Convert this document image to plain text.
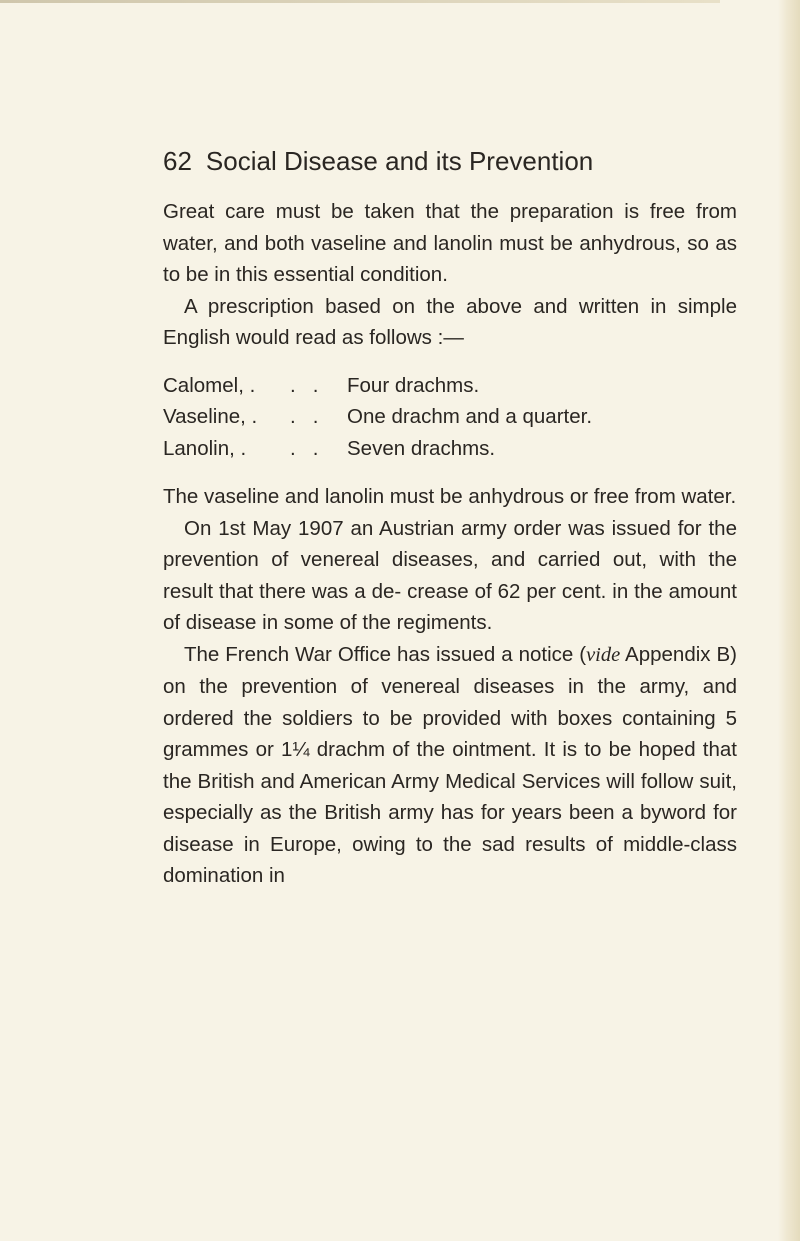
62 Social Disease and its Prevention

Great care must be taken that the preparation is free from water, and both vaseline and lanolin must be anhydrous, so as to be in this essential condition.

A prescription based on the above and written in simple English would read as follows :—

Calomel, .	.   .	Four drachms.
Vaseline, .	.   .	One drachm and a quarter.
Lanolin, .	.   .	Seven drachms.

The vaseline and lanolin must be anhydrous or free from water.

On 1st May 1907 an Austrian army order was issued for the prevention of venereal diseases, and carried out, with the result that there was a de- crease of 62 per cent. in the amount of disease in some of the regiments.

The French War Office has issued a notice (vide Appendix B) on the prevention of venereal diseases in the army, and ordered the soldiers to be provided with boxes containing 5 grammes or 1¼ drachm of the ointment. It is to be hoped that the British and American Army Medical Services will follow suit, especially as the British army has for years been a byword for disease in Europe, owing to the sad results of middle-class domination in
